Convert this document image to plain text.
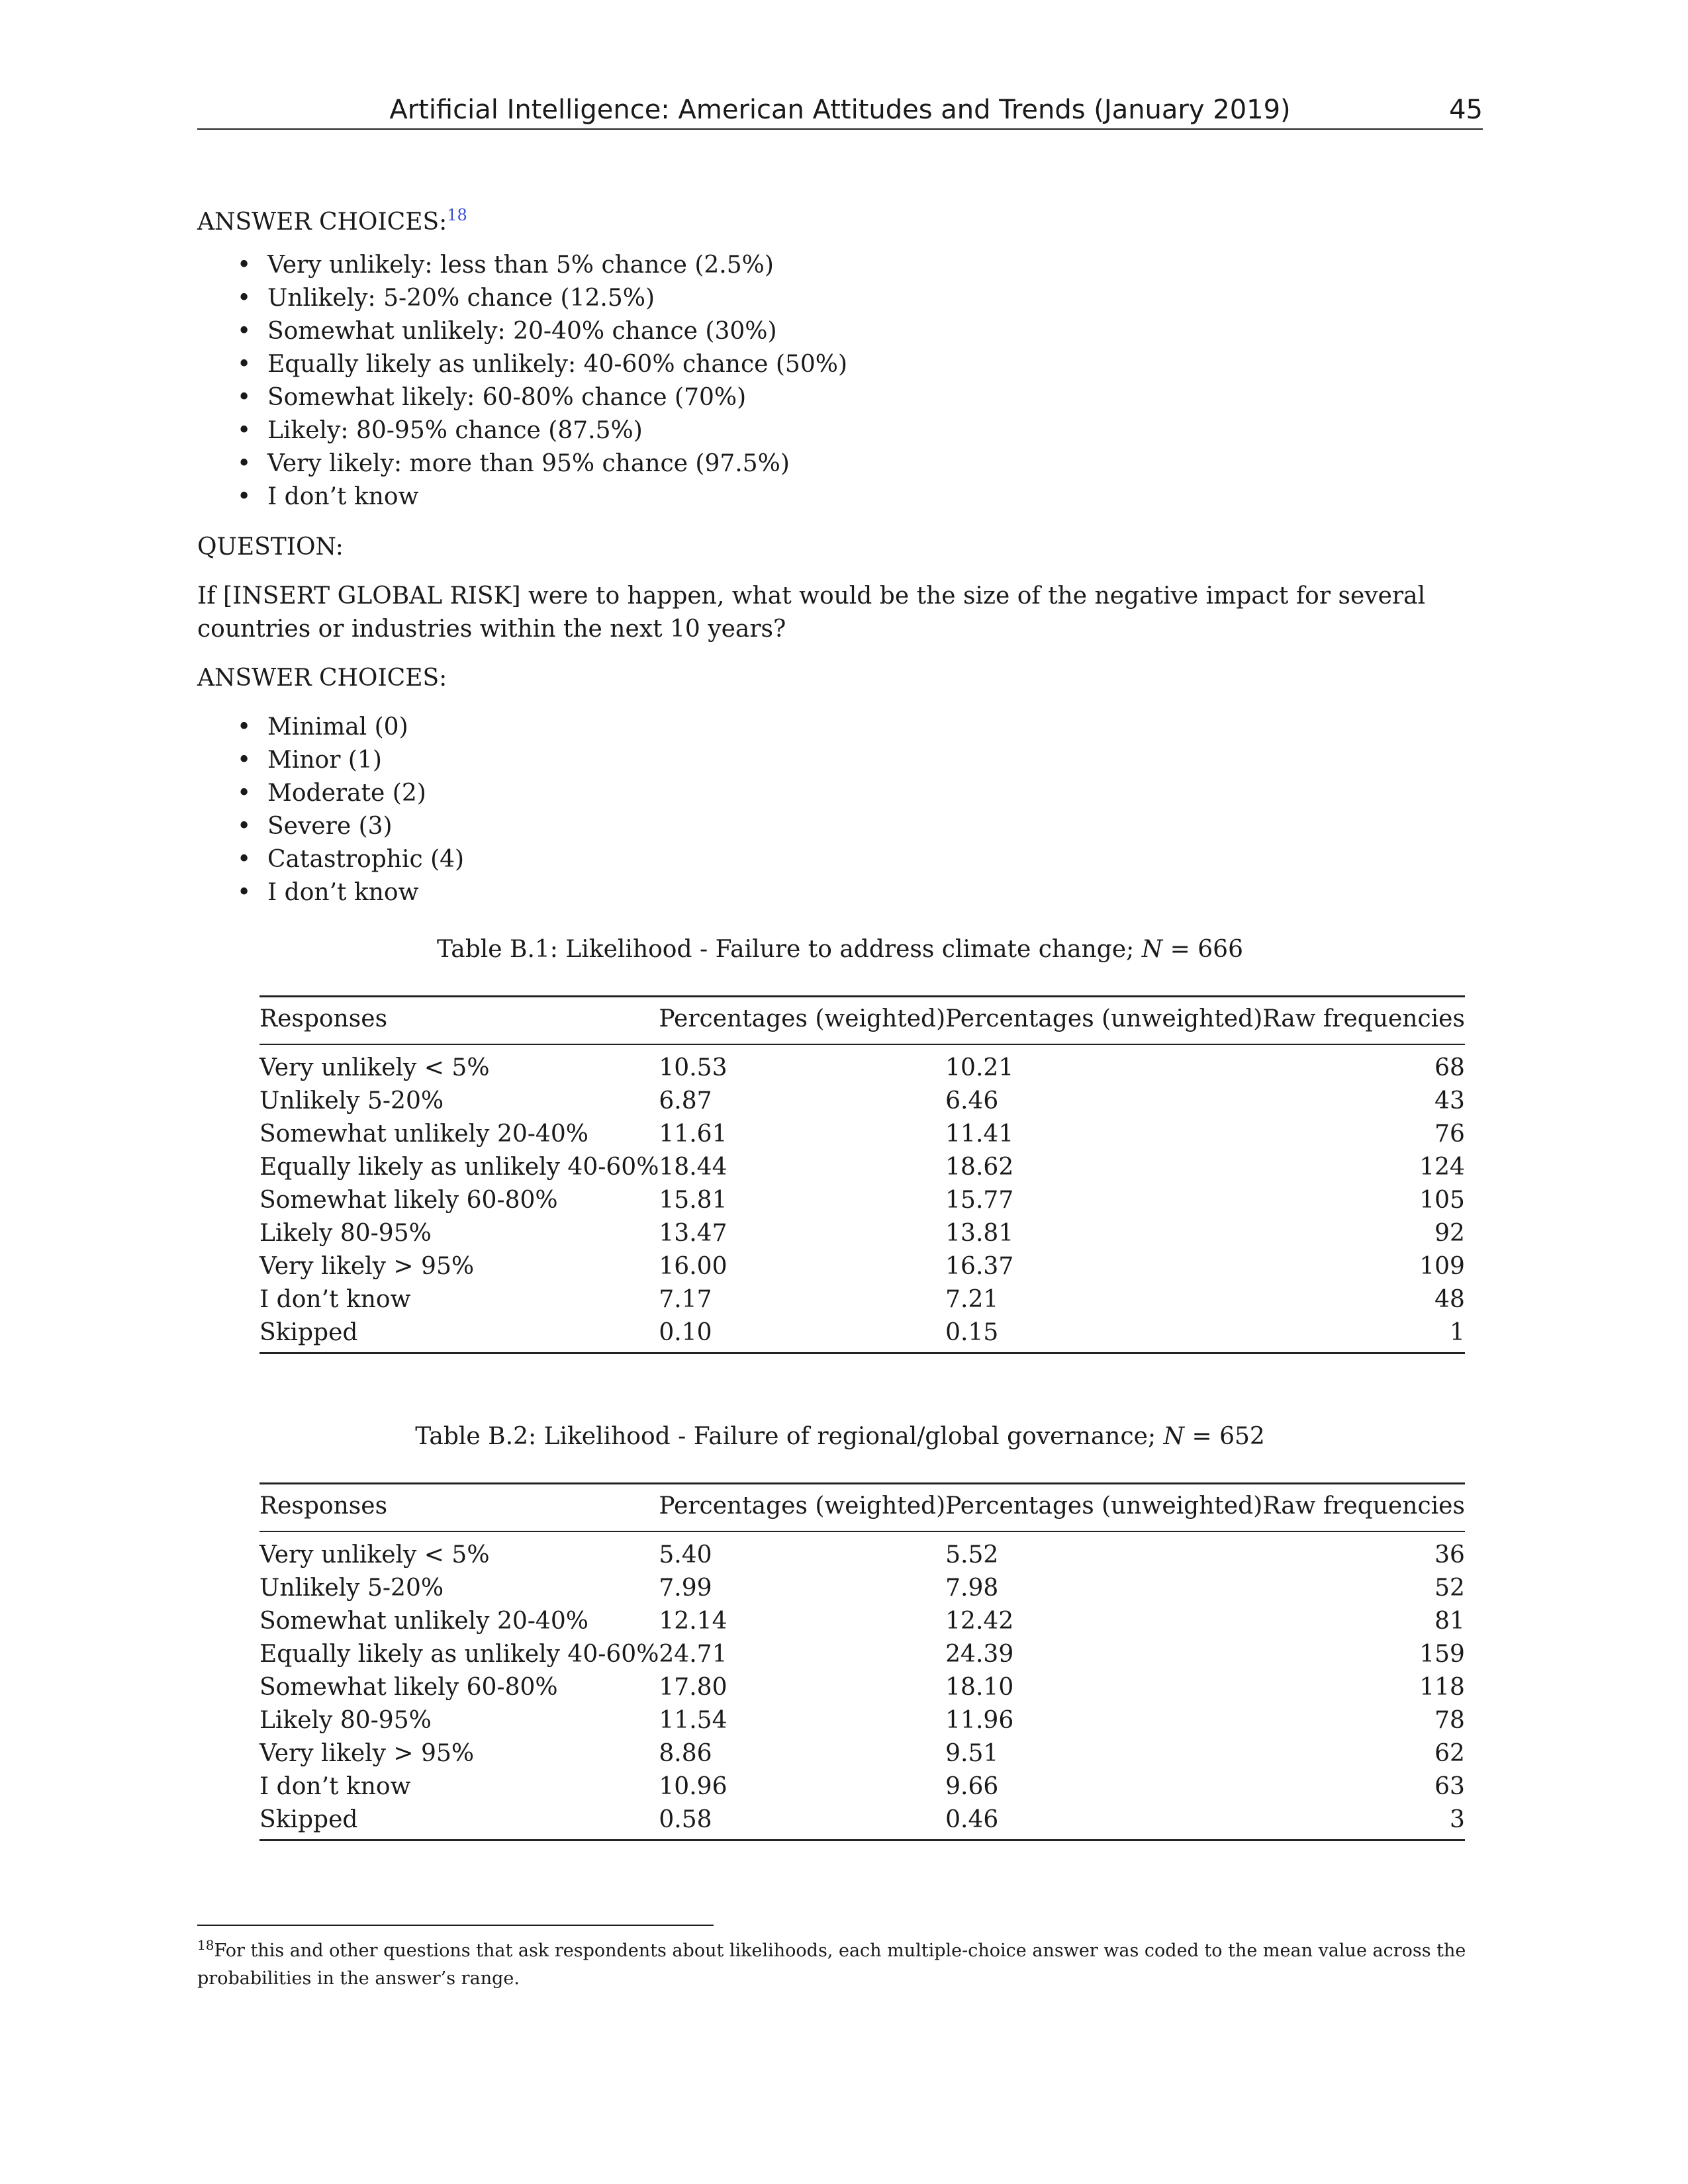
Artificial Intelligence: American Attitudes and Trends (January 2019)	45
ANSWER CHOICES:$^{18}$
• Very unlikely: less than 5% chance (2.5%)
• Unlikely: 5-20% chance (12.5%)
• Somewhat unlikely: 20-40% chance (30%)
• Equally likely as unlikely: 40-60% chance (50%)
• Somewhat likely: 60-80% chance (70%)
• Likely: 80-95% chance (87.5%)
• Very likely: more than 95% chance (97.5%)
• I don’t know
QUESTION:
If [INSERT GLOBAL RISK] were to happen, what would be the size of the negative impact for several countries or industries within the next 10 years?
ANSWER CHOICES:
• Minimal (0)
• Minor (1)
• Moderate (2)
• Severe (3)
• Catastrophic (4)
• I don’t know
Table B.1: Likelihood - Failure to address climate change; N = 666
Responses	Percentages (weighted)	Percentages (unweighted)	Raw frequencies
Very unlikely < 5%	10.53	10.21	68
Unlikely 5-20%	6.87	6.46	43
Somewhat unlikely 20-40%	11.61	11.41	76
Equally likely as unlikely 40-60%	18.44	18.62	124
Somewhat likely 60-80%	15.81	15.77	105
Likely 80-95%	13.47	13.81	92
Very likely > 95%	16.00	16.37	109
I don’t know	7.17	7.21	48
Skipped	0.10	0.15	1
Table B.2: Likelihood - Failure of regional/global governance; N = 652
Responses	Percentages (weighted)	Percentages (unweighted)	Raw frequencies
Very unlikely < 5%	5.40	5.52	36
Unlikely 5-20%	7.99	7.98	52
Somewhat unlikely 20-40%	12.14	12.42	81
Equally likely as unlikely 40-60%	24.71	24.39	159
Somewhat likely 60-80%	17.80	18.10	118
Likely 80-95%	11.54	11.96	78
Very likely > 95%	8.86	9.51	62
I don’t know	10.96	9.66	63
Skipped	0.58	0.46	3
$^{18}$For this and other questions that ask respondents about likelihoods, each multiple-choice answer was coded to the mean value across the probabilities in the answer’s range.
